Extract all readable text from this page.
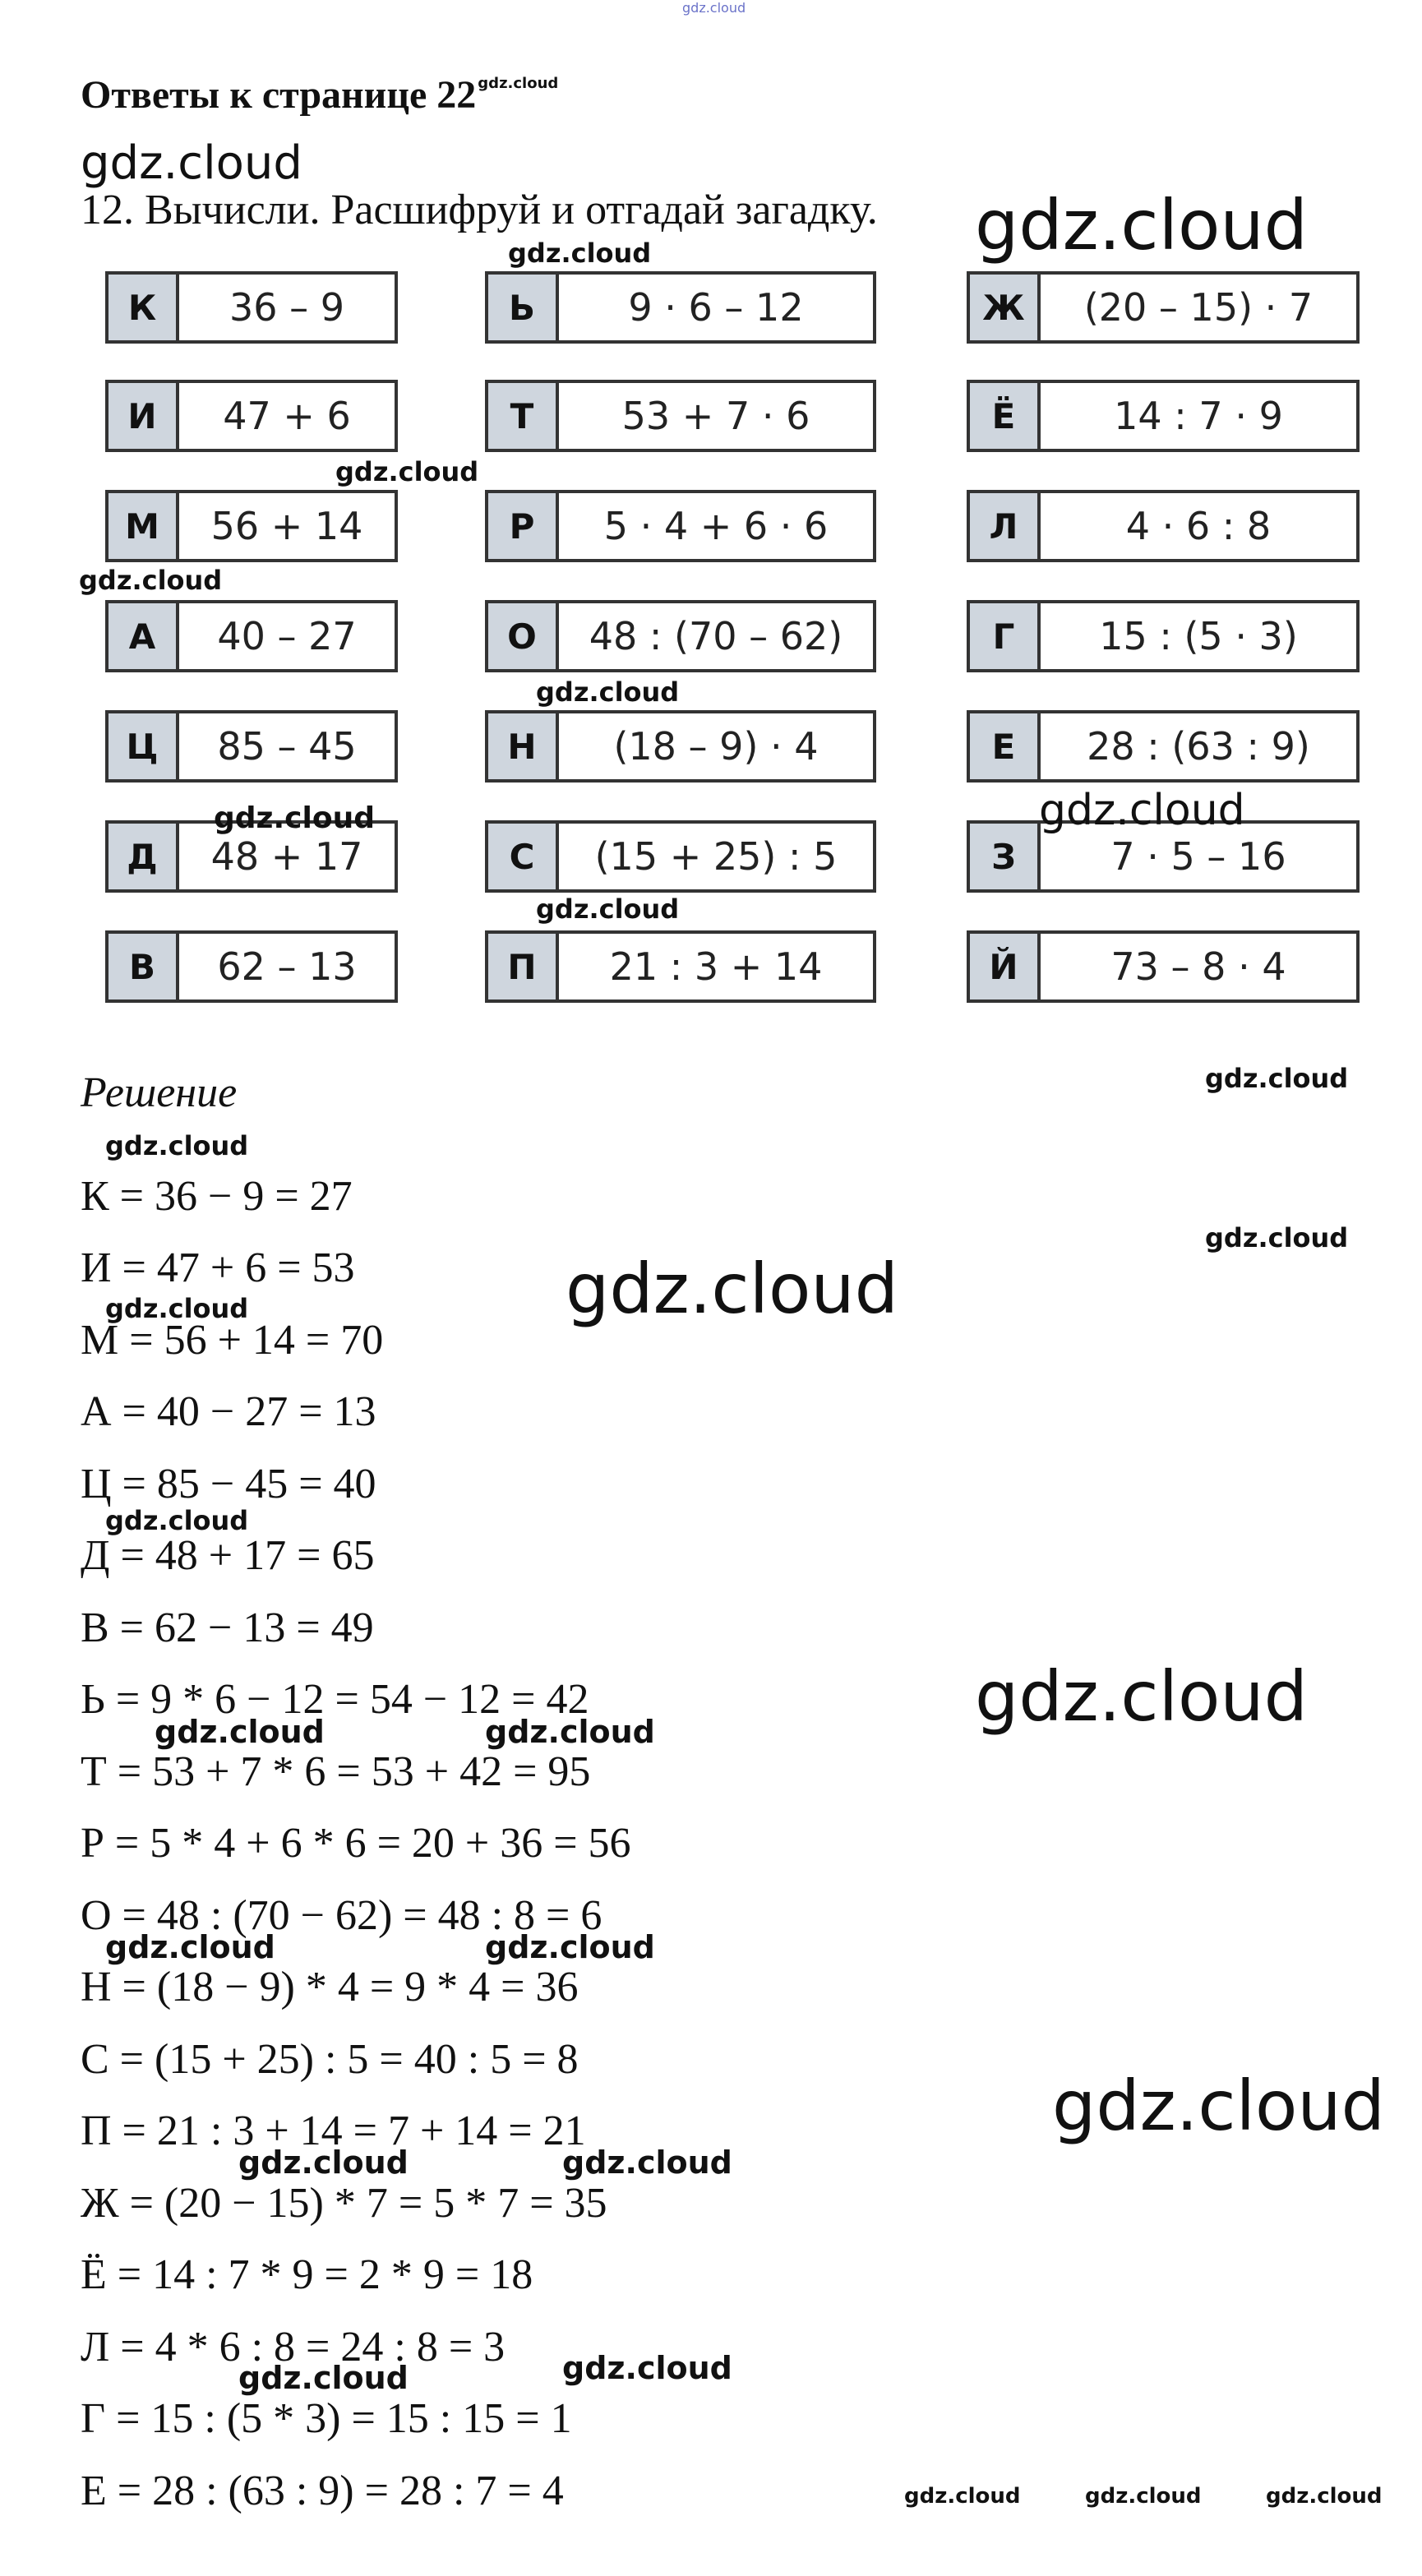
gdz.cloud
Ответы к странице 22 $^{gdz.cloud}$
gdz.cloud
12. Вычисли. Расшифруй и отгадай загадку.
К	36 – 9	Ь	9 · 6 – 12	Ж	(20 – 15) · 7
И	47 + 6	Т	53 + 7 · 6	Ё	14 : 7 · 9
М	56 + 14	Р	5 · 4 + 6 · 6	Л	4 · 6 : 8
А	40 – 27	О	48 : (70 – 62)	Г	15 : (5 · 3)
Ц	85 – 45	Н	(18 – 9) · 4	Е	28 : (63 : 9)
Д	48 + 17	С	(15 + 25) : 5	З	7 · 5 – 16
В	62 – 13	П	21 : 3 + 14	Й	73 – 8 · 4
Решение
К = 36 − 9 = 27
И = 47 + 6 = 53
М = 56 + 14 = 70
А = 40 − 27 = 13
Ц = 85 − 45 = 40
Д = 48 + 17 = 65
В = 62 − 13 = 49
Ь = 9 * 6 − 12 = 54 − 12 = 42
Т = 53 + 7 * 6 = 53 + 42 = 95
Р = 5 * 4 + 6 * 6 = 20 + 36 = 56
О = 48 : (70 − 62) = 48 : 8 = 6
Н = (18 − 9) * 4 = 9 * 4 = 36
С = (15 + 25) : 5 = 40 : 5 = 8
П = 21 : 3 + 14 = 7 + 14 = 21
Ж = (20 − 15) * 7 = 5 * 7 = 35
Ё = 14 : 7 * 9 = 2 * 9 = 18
Л = 4 * 6 : 8 = 24 : 8 = 3
Г = 15 : (5 * 3) = 15 : 15 = 1
Е = 28 : (63 : 9) = 28 : 7 = 4
gdz.cloud
gdz.cloud
gdz.cloud
gdz.cloud
gdz.cloud
gdz.cloud	gdz.cloud
gdz.cloud
gdz.cloud
gdz.cloud
gdz.cloud
gdz.cloud
gdz.cloud
gdz.cloud
gdz.cloud
gdz.cloud	gdz.cloud
gdz.cloud	gdz.cloud
gdz.cloud
gdz.cloud	gdz.cloud
gdz.cloud
gdz.cloud
gdz.cloud	gdz.cloud	gdz.cloud
